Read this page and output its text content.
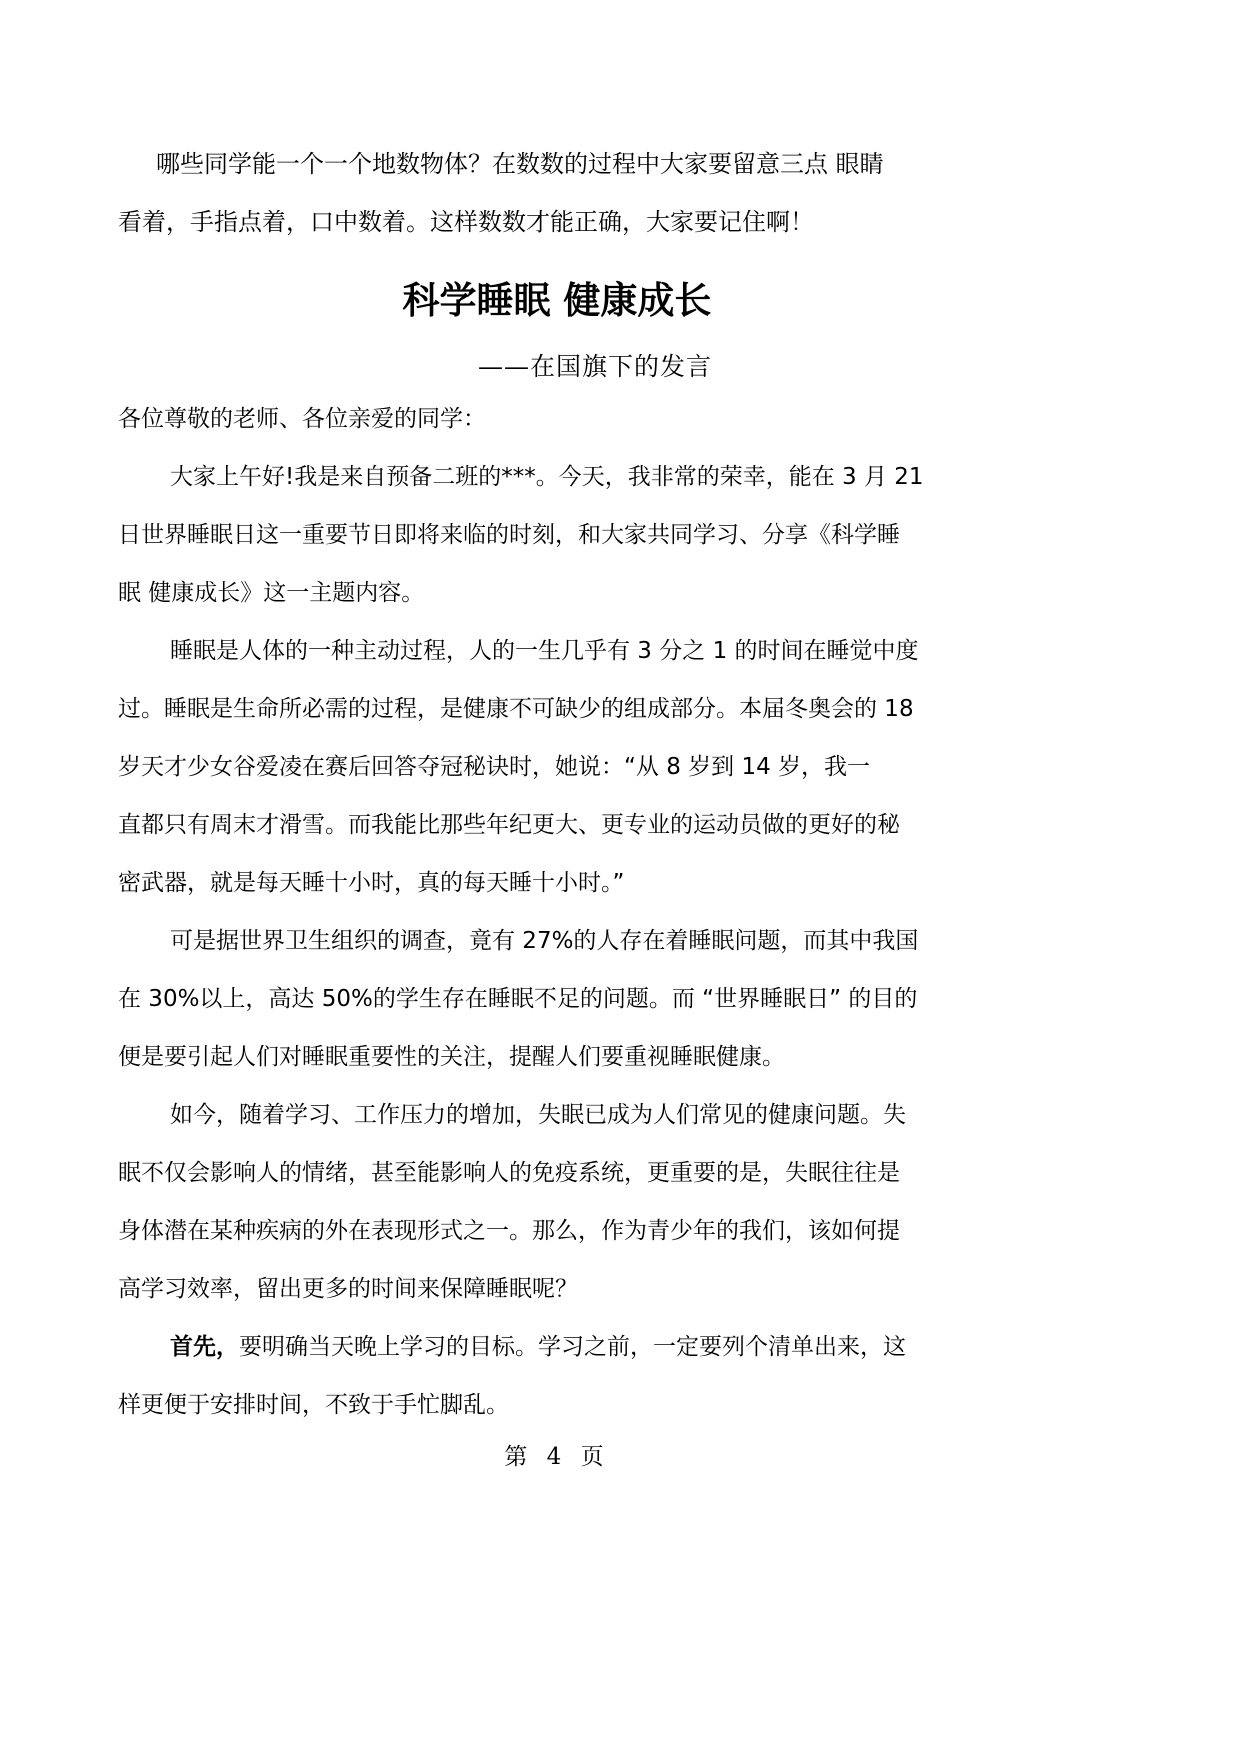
哪些同学能一个一个地数物体？在数数的过程中大家要留意三点 眼睛
看着，手指点着，口中数着。这样数数才能正确，大家要记住啊！
科学睡眠 健康成长
——在国旗下的发言
各位尊敬的老师、各位亲爱的同学：
大家上午好!我是来自预备二班的***。今天，我非常的荣幸，能在 3 月 21
日世界睡眠日这一重要节日即将来临的时刻，和大家共同学习、分享《科学睡
眠 健康成长》这一主题内容。
睡眠是人体的一种主动过程，人的一生几乎有 3 分之 1 的时间在睡觉中度
过。睡眠是生命所必需的过程，是健康不可缺少的组成部分。本届冬奥会的 18
岁天才少女谷爱凌在赛后回答夺冠秘诀时，她说：“从 8 岁到 14 岁，我一
直都只有周末才滑雪。而我能比那些年纪更大、更专业的运动员做的更好的秘
密武器，就是每天睡十小时，真的每天睡十小时。”
可是据世界卫生组织的调查，竟有 27%的人存在着睡眠问题，而其中我国
在 30%以上，高达 50%的学生存在睡眠不足的问题。而 “世界睡眠日” 的目的
便是要引起人们对睡眠重要性的关注，提醒人们要重视睡眠健康。
如今，随着学习、工作压力的增加，失眠已成为人们常见的健康问题。失
眠不仅会影响人的情绪，甚至能影响人的免疫系统，更重要的是，失眠往往是
身体潜在某种疾病的外在表现形式之一。那么，作为青少年的我们，该如何提
高学习效率，留出更多的时间来保障睡眠呢？
首先，要明确当天晚上学习的目标。学习之前，一定要列个清单出来，这
样更便于安排时间，不致于手忙脚乱。
第 4 页
